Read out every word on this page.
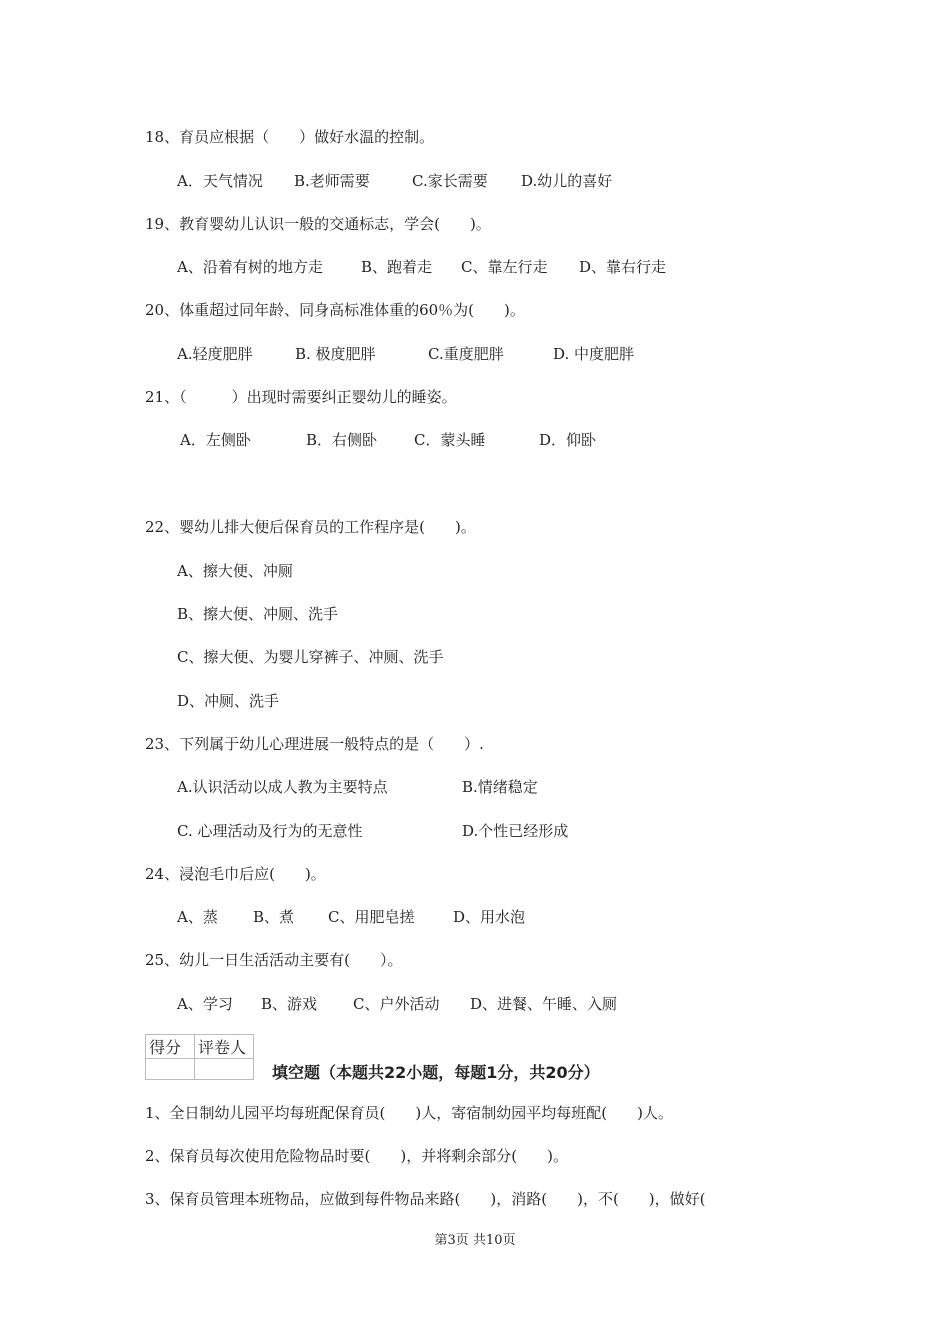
18、育员应根据（　　）做好水温的控制。
A．天气情况 B.老师需要	C.家长需要 D.幼儿的喜好
19、教育婴幼儿认识一般的交通标志，学会(　　)。
A、沿着有树的地方走	B、跑着走 C、靠左行走 D、靠右行走
20、体重超过同年龄、同身高标准体重的60％为(　　)。
A.轻度肥胖	B. 极度肥胖	C.重度肥胖	D. 中度肥胖
21、（　　　）出现时需要纠正婴幼儿的睡姿。
A．左侧卧	B．右侧卧 C．蒙头睡	D．仰卧
22、婴幼儿排大便后保育员的工作程序是(　　)。
A、擦大便、冲厕
B、擦大便、冲厕、洗手
C、擦大便、为婴儿穿裤子、冲厕、洗手
D、冲厕、洗手
23、下列属于幼儿心理进展一般特点的是（　　）.
A.认识活动以成人教为主要特点	B.情绪稳定
C. 心理活动及行为的无意性	D.个性已经形成
24、浸泡毛巾后应(　　)。
A、蒸 B、煮 C、用肥皂搓	D、用水泡
25、幼儿一日生活活动主要有(　　）。
A、学习 B、游戏 C、户外活动 D、进餐、午睡、入厕
得分	评卷人

填空题（本题共22小题，每题1分，共20分）
1、全日制幼儿园平均每班配保育员(　　)人，寄宿制幼园平均每班配(　　)人。
2、保育员每次使用危险物品时要(　　)，并将剩余部分(　　)。
3、保育员管理本班物品，应做到每件物品来路(　　)，消路(　　)，不(　　)，做好(
第3页 共10页
